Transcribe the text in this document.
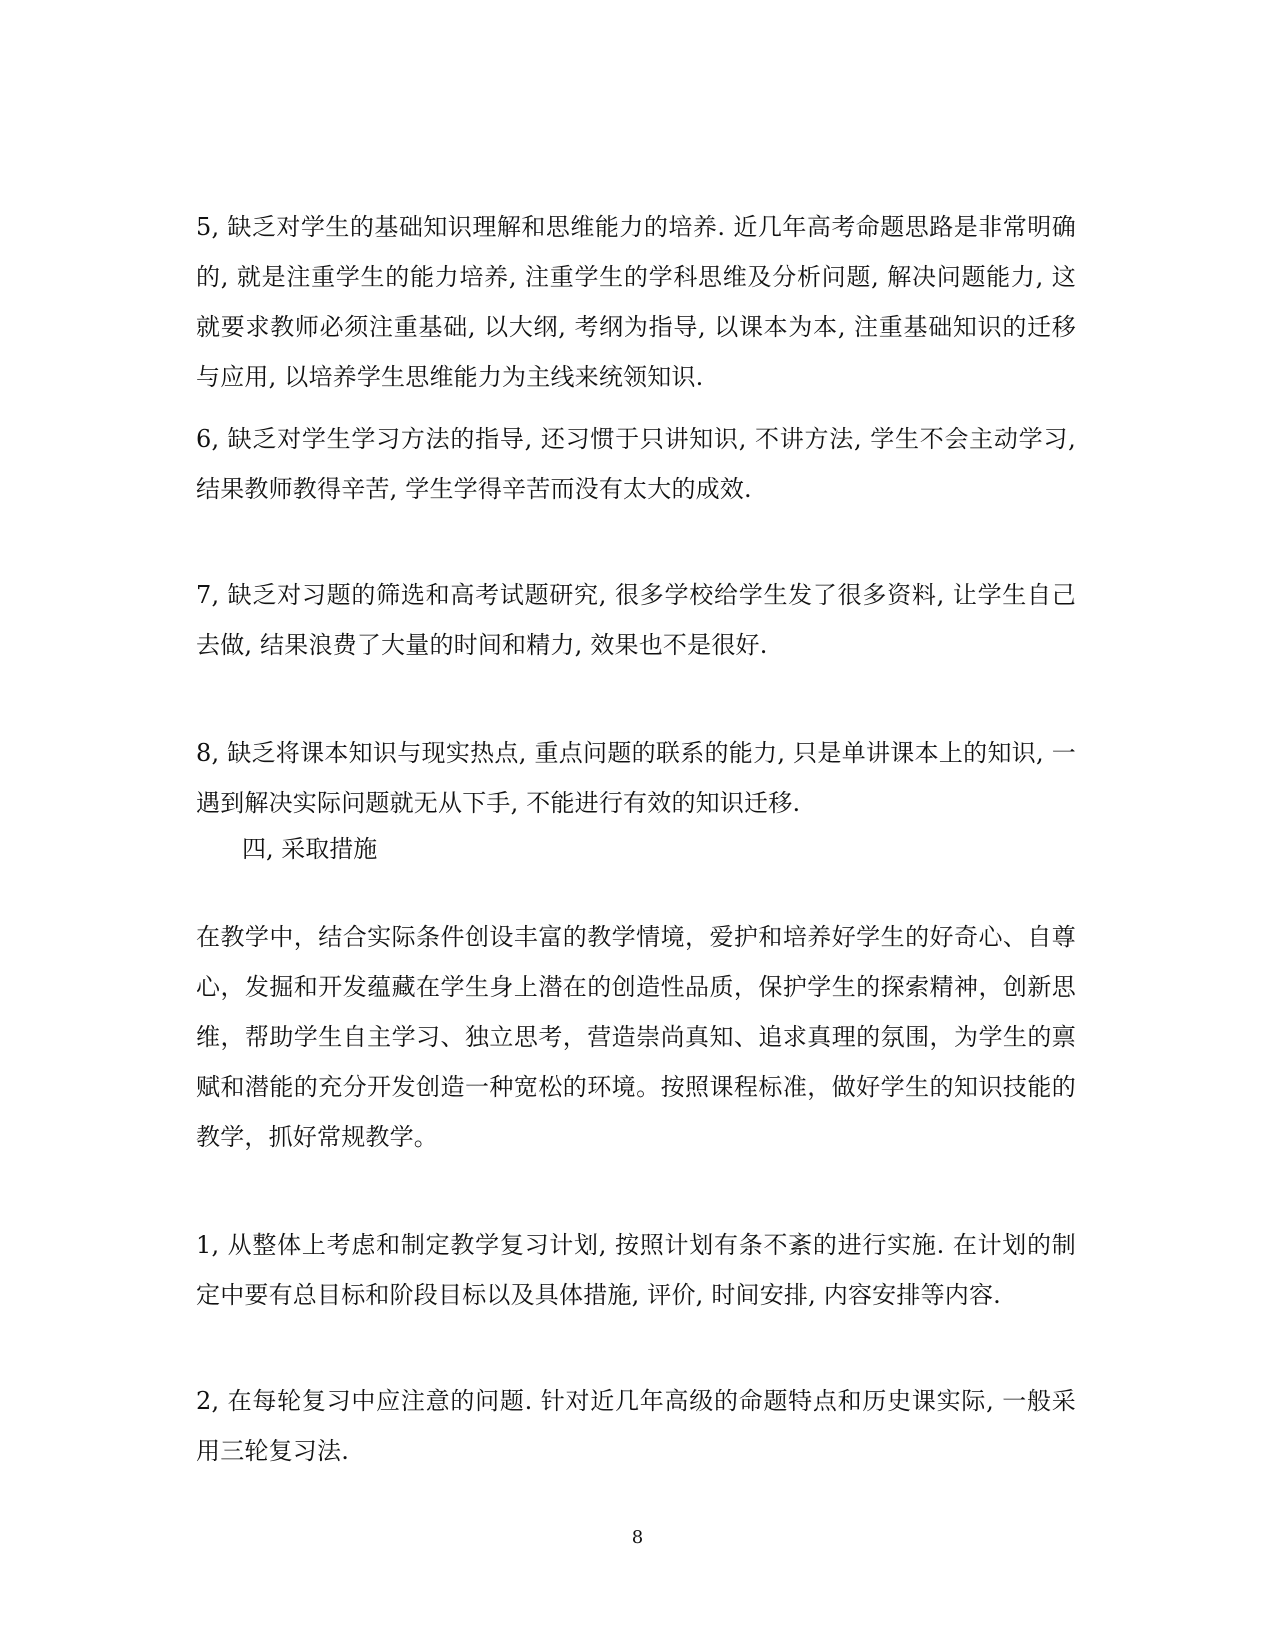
5, 缺乏对学生的基础知识理解和思维能力的培养. 近几年高考命题思路是非常明确的, 就是注重学生的能力培养, 注重学生的学科思维及分析问题, 解决问题能力, 这就要求教师必须注重基础, 以大纲, 考纲为指导, 以课本为本, 注重基础知识的迁移与应用, 以培养学生思维能力为主线来统领知识.

6, 缺乏对学生学习方法的指导, 还习惯于只讲知识, 不讲方法, 学生不会主动学习, 结果教师教得辛苦, 学生学得辛苦而没有太大的成效.

7, 缺乏对习题的筛选和高考试题研究, 很多学校给学生发了很多资料, 让学生自己去做, 结果浪费了大量的时间和精力, 效果也不是很好.

8, 缺乏将课本知识与现实热点, 重点问题的联系的能力, 只是单讲课本上的知识, 一遇到解决实际问题就无从下手, 不能进行有效的知识迁移.

四, 采取措施

在教学中，结合实际条件创设丰富的教学情境，爱护和培养好学生的好奇心、自尊心，发掘和开发蕴藏在学生身上潜在的创造性品质，保护学生的探索精神，创新思维，帮助学生自主学习、独立思考，营造崇尚真知、追求真理的氛围，为学生的禀赋和潜能的充分开发创造一种宽松的环境。按照课程标准，做好学生的知识技能的教学，抓好常规教学。

1, 从整体上考虑和制定教学复习计划, 按照计划有条不紊的进行实施. 在计划的制定中要有总目标和阶段目标以及具体措施, 评价, 时间安排, 内容安排等内容.

2, 在每轮复习中应注意的问题. 针对近几年高级的命题特点和历史课实际, 一般采用三轮复习法.

8
